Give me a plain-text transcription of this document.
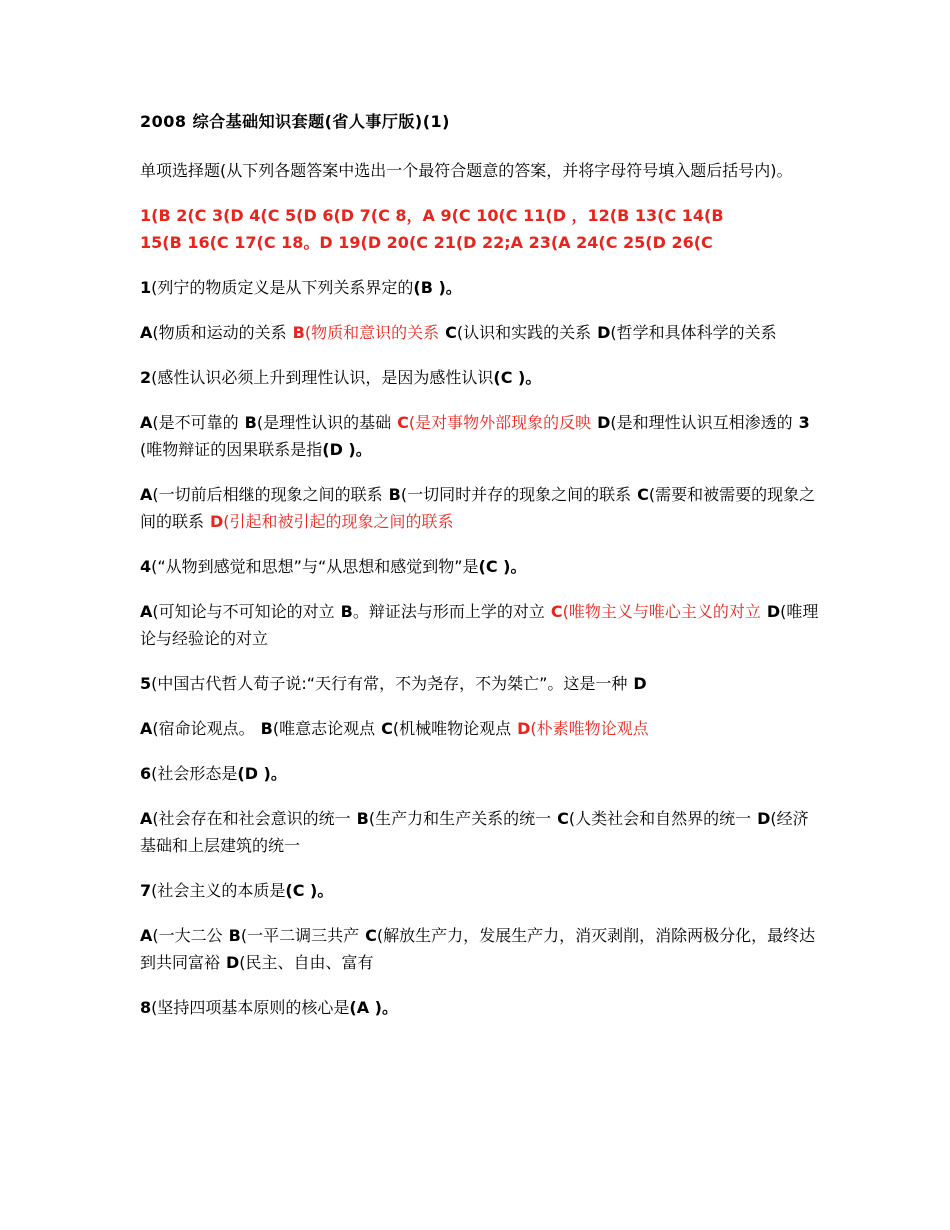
2008 综合基础知识套题(省人事厅版)(1)
单项选择题(从下列各题答案中选出一个最符合题意的答案，并将字母符号填入题后括号内)。
1(B 2(C 3(D 4(C 5(D 6(D 7(C 8，A 9(C 10(C 11(D ，12(B 13(C 14(B
15(B 16(C 17(C 18。D 19(D 20(C 21(D 22;A 23(A 24(C 25(D 26(C
1(列宁的物质定义是从下列关系界定的(B )。
A(物质和运动的关系 B(物质和意识的关系 C(认识和实践的关系 D(哲学和具体科学的关系
2(感性认识必须上升到理性认识，是因为感性认识(C )。
A(是不可靠的 B(是理性认识的基础 C(是对事物外部现象的反映 D(是和理性认识互相渗透的 3(唯物辩证的因果联系是指(D )。
A(一切前后相继的现象之间的联系 B(一切同时并存的现象之间的联系 C(需要和被需要的现象之间的联系 D(引起和被引起的现象之间的联系
4(“从物到感觉和思想”与“从思想和感觉到物”是(C )。
A(可知论与不可知论的对立 B。辩证法与形而上学的对立 C(唯物主义与唯心主义的对立 D(唯理论与经验论的对立
5(中国古代哲人荀子说:“天行有常，不为尧存，不为桀亡”。这是一种 D
A(宿命论观点。 B(唯意志论观点 C(机械唯物论观点 D(朴素唯物论观点
6(社会形态是(D )。
A(社会存在和社会意识的统一 B(生产力和生产关系的统一 C(人类社会和自然界的统一 D(经济基础和上层建筑的统一
7(社会主义的本质是(C )。
A(一大二公 B(一平二调三共产 C(解放生产力，发展生产力，消灭剥削，消除两极分化，最终达到共同富裕 D(民主、自由、富有
8(坚持四项基本原则的核心是(A )。
